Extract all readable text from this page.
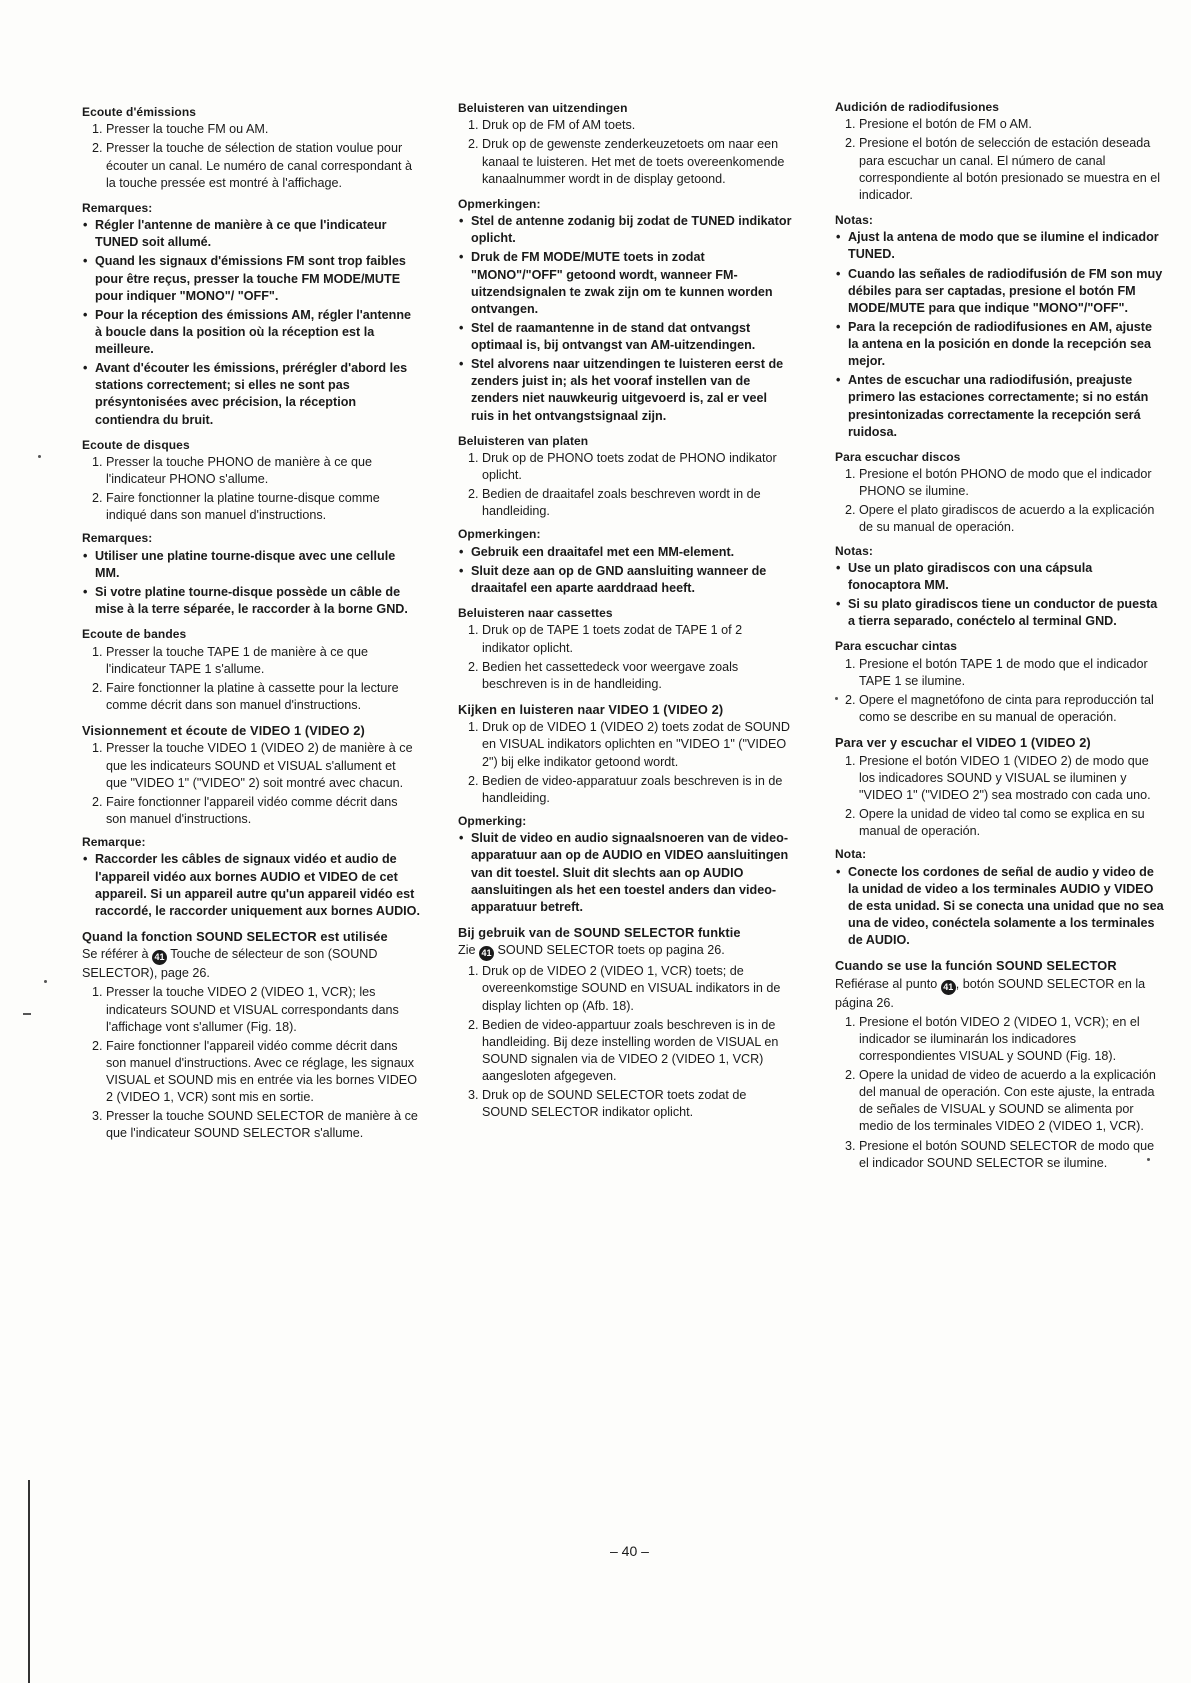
Ecoute d'émissions
1. Presser la touche FM ou AM.
2. Presser la touche de sélection de station voulue pour écouter un canal. Le numéro de canal correspondant à la touche pressée est montré à l'affichage.
Remarques:
• Régler l'antenne de manière à ce que l'indicateur TUNED soit allumé.
• Quand les signaux d'émissions FM sont trop faibles pour être reçus, presser la touche FM MODE/MUTE pour indiquer "MONO"/ "OFF".
• Pour la réception des émissions AM, régler l'antenne à boucle dans la position où la réception est la meilleure.
• Avant d'écouter les émissions, prérégler d'abord les stations correctement; si elles ne sont pas présyntonisées avec précision, la réception contiendra du bruit.
Ecoute de disques
1. Presser la touche PHONO de manière à ce que l'indicateur PHONO s'allume.
2. Faire fonctionner la platine tourne-disque comme indiqué dans son manuel d'instructions.
Remarques:
• Utiliser une platine tourne-disque avec une cellule MM.
• Si votre platine tourne-disque possède un câble de mise à la terre séparée, le raccorder à la borne GND.
Ecoute de bandes
1. Presser la touche TAPE 1 de manière à ce que l'indicateur TAPE 1 s'allume.
2. Faire fonctionner la platine à cassette pour la lecture comme décrit dans son manuel d'instructions.
Visionnement et écoute de VIDEO 1 (VIDEO 2)
1. Presser la touche VIDEO 1 (VIDEO 2) de manière à ce que les indicateurs SOUND et VISUAL s'allument et que "VIDEO 1" ("VIDEO" 2) soit montré avec chacun.
2. Faire fonctionner l'appareil vidéo comme décrit dans son manuel d'instructions.
Remarque:
• Raccorder les câbles de signaux vidéo et audio de l'appareil vidéo aux bornes AUDIO et VIDEO de cet appareil. Si un appareil autre qu'un appareil vidéo est raccordé, le raccorder uniquement aux bornes AUDIO.
Quand la fonction SOUND SELECTOR est utilisée

Se référer à 41 Touche de sélecteur de son (SOUND SELECTOR), page 26.

1. Presser la touche VIDEO 2 (VIDEO 1, VCR); les indicateurs SOUND et VISUAL correspondants dans l'affichage vont s'allumer (Fig. 18).
2. Faire fonctionner l'appareil vidéo comme décrit dans son manuel d'instructions. Avec ce réglage, les signaux VISUAL et SOUND mis en entrée via les bornes VIDEO 2 (VIDEO 1, VCR) sont mis en sortie.
3. Presser la touche SOUND SELECTOR de manière à ce que l'indicateur SOUND SELECTOR s'allume.
Beluisteren van uitzendingen
1. Druk op de FM of AM toets.
2. Druk op de gewenste zenderkeuzetoets om naar een kanaal te luisteren. Het met de toets overeenkomende kanaalnummer wordt in de display getoond.
Opmerkingen:
• Stel de antenne zodanig bij zodat de TUNED indikator oplicht.
• Druk de FM MODE/MUTE toets in zodat "MONO"/"OFF" getoond wordt, wanneer FM-uitzendsignalen te zwak zijn om te kunnen worden ontvangen.
• Stel de raamantenne in de stand dat ontvangst optimaal is, bij ontvangst van AM-uitzendingen.
• Stel alvorens naar uitzendingen te luisteren eerst de zenders juist in; als het vooraf instellen van de zenders niet nauwkeurig uitgevoerd is, zal er veel ruis in het ontvangstsignaal zijn.
Beluisteren van platen
1. Druk op de PHONO toets zodat de PHONO indikator oplicht.
2. Bedien de draaitafel zoals beschreven wordt in de handleiding.
Opmerkingen:
• Gebruik een draaitafel met een MM-element.
• Sluit deze aan op de GND aansluiting wanneer de draaitafel een aparte aarddraad heeft.
Beluisteren naar cassettes
1. Druk op de TAPE 1 toets zodat de TAPE 1 of 2 indikator oplicht.
2. Bedien het cassettedeck voor weergave zoals beschreven is in de handleiding.
Kijken en luisteren naar VIDEO 1 (VIDEO 2)
1. Druk op de VIDEO 1 (VIDEO 2) toets zodat de SOUND en VISUAL indikators oplichten en "VIDEO 1" ("VIDEO 2") bij elke indikator getoond wordt.
2. Bedien de video-apparatuur zoals beschreven is in de handleiding.
Opmerking:
• Sluit de video en audio signaalsnoeren van de video-apparatuur aan op de AUDIO en VIDEO aansluitingen van dit toestel. Sluit dit slechts aan op AUDIO aansluitingen als het een toestel anders dan video-apparatuur betreft.
Bij gebruik van de SOUND SELECTOR funktie

Zie 41 SOUND SELECTOR toets op pagina 26.

1. Druk op de VIDEO 2 (VIDEO 1, VCR) toets; de overeenkomstige SOUND en VISUAL indikators in de display lichten op (Afb. 18).
2. Bedien de video-appartuur zoals beschreven is in de handleiding. Bij deze instelling worden de VISUAL en SOUND signalen via de VIDEO 2 (VIDEO 1, VCR) aangesloten afgegeven.
3. Druk op de SOUND SELECTOR toets zodat de SOUND SELECTOR indikator oplicht.
Audición de radiodifusiones
1. Presione el botón de FM o AM.
2. Presione el botón de selección de estación deseada para escuchar un canal. El número de canal correspondiente al botón presionado se muestra en el indicador.
Notas:
• Ajust la antena de modo que se ilumine el indicador TUNED.
• Cuando las señales de radiodifusión de FM son muy débiles para ser captadas, presione el botón FM MODE/MUTE para que indique "MONO"/"OFF".
• Para la recepción de radiodifusiones en AM, ajuste la antena en la posición en donde la recepción sea mejor.
• Antes de escuchar una radiodifusión, preajuste primero las estaciones correctamente; si no están presintonizadas correctamente la recepción será ruidosa.
Para escuchar discos
1. Presione el botón PHONO de modo que el indicador PHONO se ilumine.
2. Opere el plato giradiscos de acuerdo a la explicación de su manual de operación.
Notas:
• Use un plato giradiscos con una cápsula fonocaptora MM.
• Si su plato giradiscos tiene un conductor de puesta a tierra separado, conéctelo al terminal GND.
Para escuchar cintas
1. Presione el botón TAPE 1 de modo que el indicador TAPE 1 se ilumine.
2. Opere el magnetófono de cinta para reproducción tal como se describe en su manual de operación.
Para ver y escuchar el VIDEO 1 (VIDEO 2)
1. Presione el botón VIDEO 1 (VIDEO 2) de modo que los indicadores SOUND y VISUAL se iluminen y "VIDEO 1" ("VIDEO 2") sea mostrado con cada uno.
2. Opere la unidad de video tal como se explica en su manual de operación.
Nota:
• Conecte los cordones de señal de audio y video de la unidad de video a los terminales AUDIO y VIDEO de esta unidad. Si se conecta una unidad que no sea una de video, conéctela solamente a los terminales de AUDIO.
Cuando se use la función SOUND SELECTOR

Refiérase al punto 41 , botón SOUND SELECTOR en la página 26.

1. Presione el botón VIDEO 2 (VIDEO 1, VCR); en el indicador se iluminarán los indicadores correspondientes VISUAL y SOUND (Fig. 18).
2. Opere la unidad de video de acuerdo a la explicación del manual de operación. Con este ajuste, la entrada de señales de VISUAL y SOUND se alimenta por medio de los terminales VIDEO 2 (VIDEO 1, VCR).
3. Presione el botón SOUND SELECTOR de modo que el indicador SOUND SELECTOR se ilumine.
– 40 –
